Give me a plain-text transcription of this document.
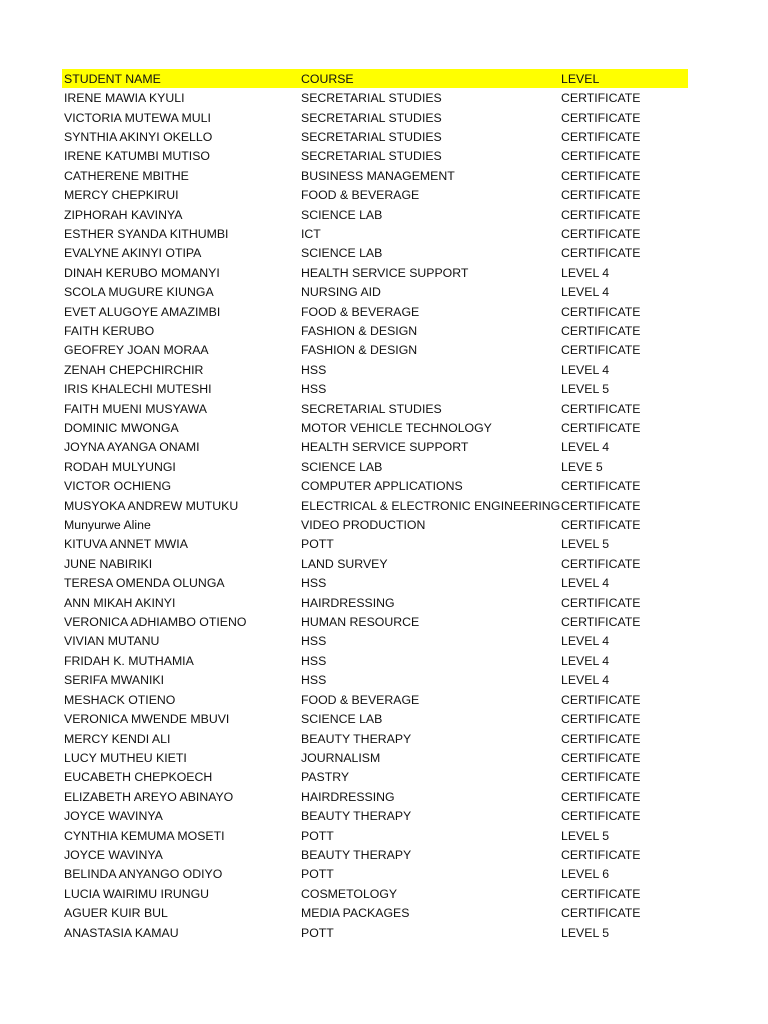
STUDENT NAME	COURSE	LEVEL
IRENE MAWIA KYULI	SECRETARIAL STUDIES	CERTIFICATE
VICTORIA MUTEWA MULI	SECRETARIAL STUDIES	CERTIFICATE
SYNTHIA AKINYI OKELLO	SECRETARIAL STUDIES	CERTIFICATE
IRENE KATUMBI MUTISO	SECRETARIAL STUDIES	CERTIFICATE
CATHERENE MBITHE	BUSINESS MANAGEMENT	CERTIFICATE
MERCY CHEPKIRUI	FOOD & BEVERAGE	CERTIFICATE
ZIPHORAH KAVINYA	SCIENCE LAB	CERTIFICATE
ESTHER SYANDA KITHUMBI	ICT	CERTIFICATE
EVALYNE AKINYI OTIPA	SCIENCE LAB	CERTIFICATE
DINAH KERUBO MOMANYI	HEALTH SERVICE SUPPORT	LEVEL 4
SCOLA MUGURE KIUNGA	NURSING AID	LEVEL 4
EVET ALUGOYE AMAZIMBI	FOOD & BEVERAGE	CERTIFICATE
FAITH KERUBO	FASHION & DESIGN	CERTIFICATE
GEOFREY JOAN MORAA	FASHION & DESIGN	CERTIFICATE
ZENAH CHEPCHIRCHIR	HSS	LEVEL 4
IRIS KHALECHI MUTESHI	HSS	LEVEL 5
FAITH MUENI MUSYAWA	SECRETARIAL STUDIES	CERTIFICATE
DOMINIC MWONGA	MOTOR VEHICLE TECHNOLOGY	CERTIFICATE
JOYNA AYANGA ONAMI	HEALTH SERVICE SUPPORT	LEVEL 4
RODAH MULYUNGI	SCIENCE LAB	LEVE 5
VICTOR OCHIENG	COMPUTER APPLICATIONS	CERTIFICATE
MUSYOKA ANDREW MUTUKU	ELECTRICAL & ELECTRONIC ENGINEERING CERTIFICATE
Munyurwe Aline	VIDEO PRODUCTION	CERTIFICATE
KITUVA ANNET MWIA	POTT	LEVEL 5
JUNE NABIRIKI	LAND SURVEY	CERTIFICATE
TERESA OMENDA OLUNGA	HSS	LEVEL 4
ANN MIKAH AKINYI	HAIRDRESSING	CERTIFICATE
VERONICA ADHIAMBO OTIENO	HUMAN RESOURCE	CERTIFICATE
VIVIAN MUTANU	HSS	LEVEL 4
FRIDAH K. MUTHAMIA	HSS	LEVEL 4
SERIFA MWANIKI	HSS	LEVEL 4
MESHACK OTIENO	FOOD & BEVERAGE	CERTIFICATE
VERONICA MWENDE MBUVI	SCIENCE LAB	CERTIFICATE
MERCY KENDI ALI	BEAUTY THERAPY	CERTIFICATE
LUCY MUTHEU KIETI	JOURNALISM	CERTIFICATE
EUCABETH CHEPKOECH	PASTRY	CERTIFICATE
ELIZABETH AREYO ABINAYO	HAIRDRESSING	CERTIFICATE
JOYCE WAVINYA	BEAUTY THERAPY	CERTIFICATE
CYNTHIA KEMUMA MOSETI	POTT	LEVEL 5
JOYCE WAVINYA	BEAUTY THERAPY	CERTIFICATE
BELINDA ANYANGO ODIYO	POTT	LEVEL 6
LUCIA WAIRIMU IRUNGU	COSMETOLOGY	CERTIFICATE
AGUER KUIR BUL	MEDIA PACKAGES	CERTIFICATE
ANASTASIA KAMAU	POTT	LEVEL 5
